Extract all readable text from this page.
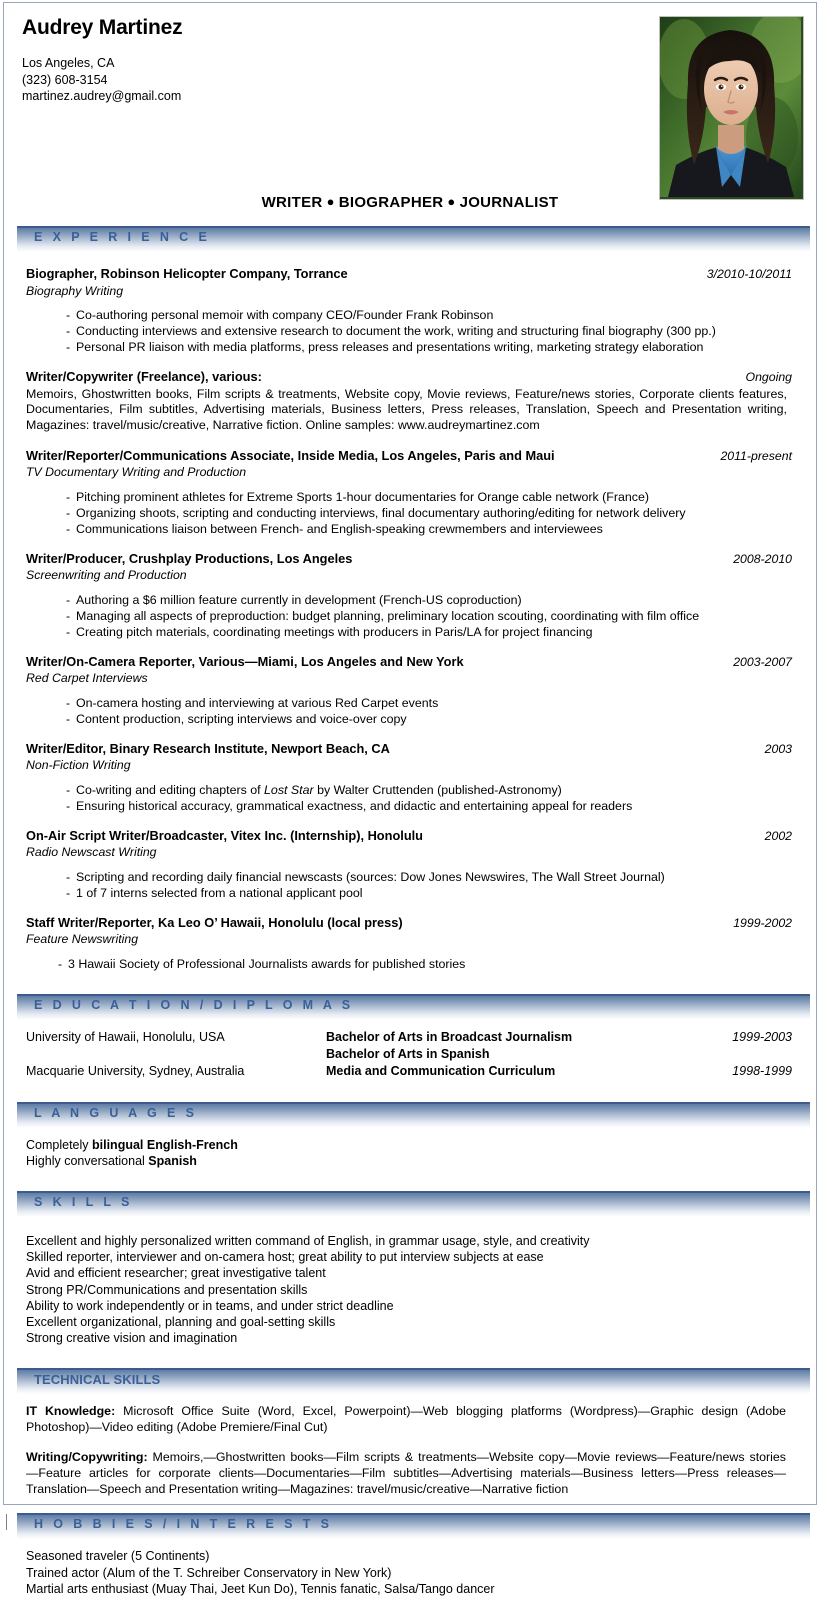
Audrey Martinez
Los Angeles, CA
(323) 608-3154
martinez.audrey@gmail.com
WRITER ● BIOGRAPHER ● JOURNALIST
E X P E R I E N C E
Biographer, Robinson Helicopter Company, Torrance	3/2010-10/2011
Biography Writing
- Co-authoring personal memoir with company CEO/Founder Frank Robinson
- Conducting interviews and extensive research to document the work, writing and structuring final biography (300 pp.)
- Personal PR liaison with media platforms, press releases and presentations writing, marketing strategy elaboration
Writer/Copywriter (Freelance), various:	Ongoing
Memoirs, Ghostwritten books, Film scripts & treatments, Website copy, Movie reviews, Feature/news stories, Corporate clients features, Documentaries, Film subtitles, Advertising materials, Business letters, Press releases, Translation, Speech and Presentation writing, Magazines: travel/music/creative, Narrative fiction. Online samples: www.audreymartinez.com
Writer/Reporter/Communications Associate, Inside Media, Los Angeles, Paris and Maui	2011-present
TV Documentary Writing and Production
- Pitching prominent athletes for Extreme Sports 1-hour documentaries for Orange cable network (France)
- Organizing shoots, scripting and conducting interviews, final documentary authoring/editing for network delivery
- Communications liaison between French- and English-speaking crewmembers and interviewees
Writer/Producer, Crushplay Productions, Los Angeles	2008-2010
Screenwriting and Production
- Authoring a $6 million feature currently in development (French-US coproduction)
- Managing all aspects of preproduction: budget planning, preliminary location scouting, coordinating with film office
- Creating pitch materials, coordinating meetings with producers in Paris/LA for project financing
Writer/On-Camera Reporter, Various—Miami, Los Angeles and New York	2003-2007
Red Carpet Interviews
- On-camera hosting and interviewing at various Red Carpet events
- Content production, scripting interviews and voice-over copy
Writer/Editor, Binary Research Institute, Newport Beach, CA	2003
Non-Fiction Writing
- Co-writing and editing chapters of Lost Star by Walter Cruttenden (published-Astronomy)
- Ensuring historical accuracy, grammatical exactness, and didactic and entertaining appeal for readers
On-Air Script Writer/Broadcaster, Vitex Inc. (Internship), Honolulu	2002
Radio Newscast Writing
- Scripting and recording daily financial newscasts (sources: Dow Jones Newswires, The Wall Street Journal)
- 1 of 7 interns selected from a national applicant pool
Staff Writer/Reporter, Ka Leo O’ Hawaii, Honolulu (local press)	1999-2002
Feature Newswriting
- 3 Hawaii Society of Professional Journalists awards for published stories
E D U C A T I O N / D I P L O M A S
University of Hawaii, Honolulu, USA	Bachelor of Arts in Broadcast Journalism	1999-2003
	Bachelor of Arts in Spanish	
Macquarie University, Sydney, Australia	Media and Communication Curriculum	1998-1999
L A N G U A G E S
Completely bilingual English-French
Highly conversational Spanish
S K I L L S
Excellent and highly personalized written command of English, in grammar usage, style, and creativity
Skilled reporter, interviewer and on-camera host; great ability to put interview subjects at ease
Avid and efficient researcher; great investigative talent
Strong PR/Communications and presentation skills
Ability to work independently or in teams, and under strict deadline
Excellent organizational, planning and goal-setting skills
Strong creative vision and imagination
TECHNICAL SKILLS
IT Knowledge: Microsoft Office Suite (Word, Excel, Powerpoint)—Web blogging platforms (Wordpress)—Graphic design (Adobe Photoshop)—Video editing (Adobe Premiere/Final Cut)
Writing/Copywriting: Memoirs,—Ghostwritten books—Film scripts & treatments—Website copy—Movie reviews—Feature/news stories—Feature articles for corporate clients—Documentaries—Film subtitles—Advertising materials—Business letters—Press releases—Translation—Speech and Presentation writing—Magazines: travel/music/creative—Narrative fiction
H O B B I E S / I N T E R E S T S
Seasoned traveler (5 Continents)
Trained actor (Alum of the T. Schreiber Conservatory in New York)
Martial arts enthusiast (Muay Thai, Jeet Kun Do), Tennis fanatic, Salsa/Tango dancer
